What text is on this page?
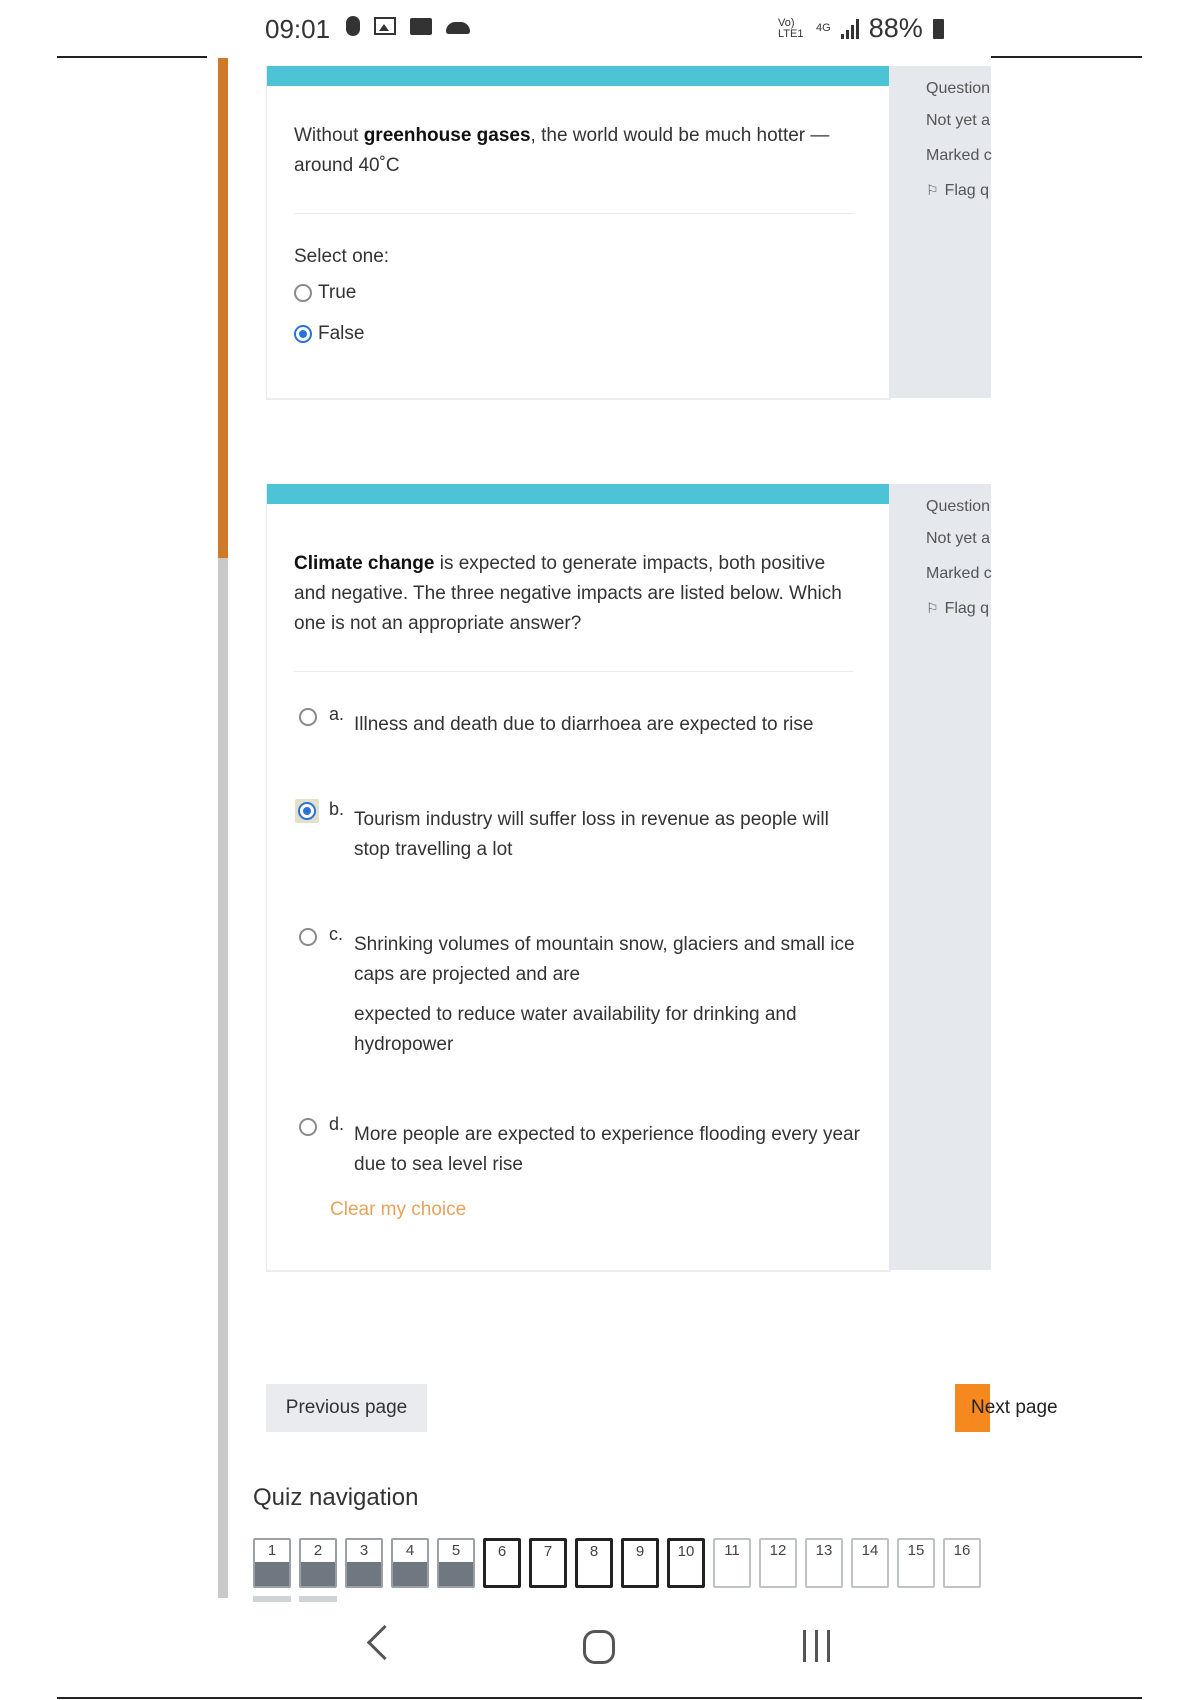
09:01	Vo) LTE1 4G 88%
Without greenhouse gases, the world would be much hotter — around 40˚C
Select one:
True
False
Question
Not yet a
Marked c
⚐ Flag q
Climate change is expected to generate impacts, both positive and negative. The three negative impacts are listed below. Which one is not an appropriate answer?
a. Illness and death due to diarrhoea are expected to rise

b. Tourism industry will suffer loss in revenue as people will stop travelling a lot

c. Shrinking volumes of mountain snow, glaciers and small ice caps are projected and are

expected to reduce water availability for drinking and hydropower

d. More people are expected to experience flooding every year due to sea level rise

Clear my choice
Question
Not yet a
Marked c
⚐ Flag q
Previous page	Next page
Quiz navigation
1	2	3	4	5	6	7	8	9	10	11	12	13	14	15	16
